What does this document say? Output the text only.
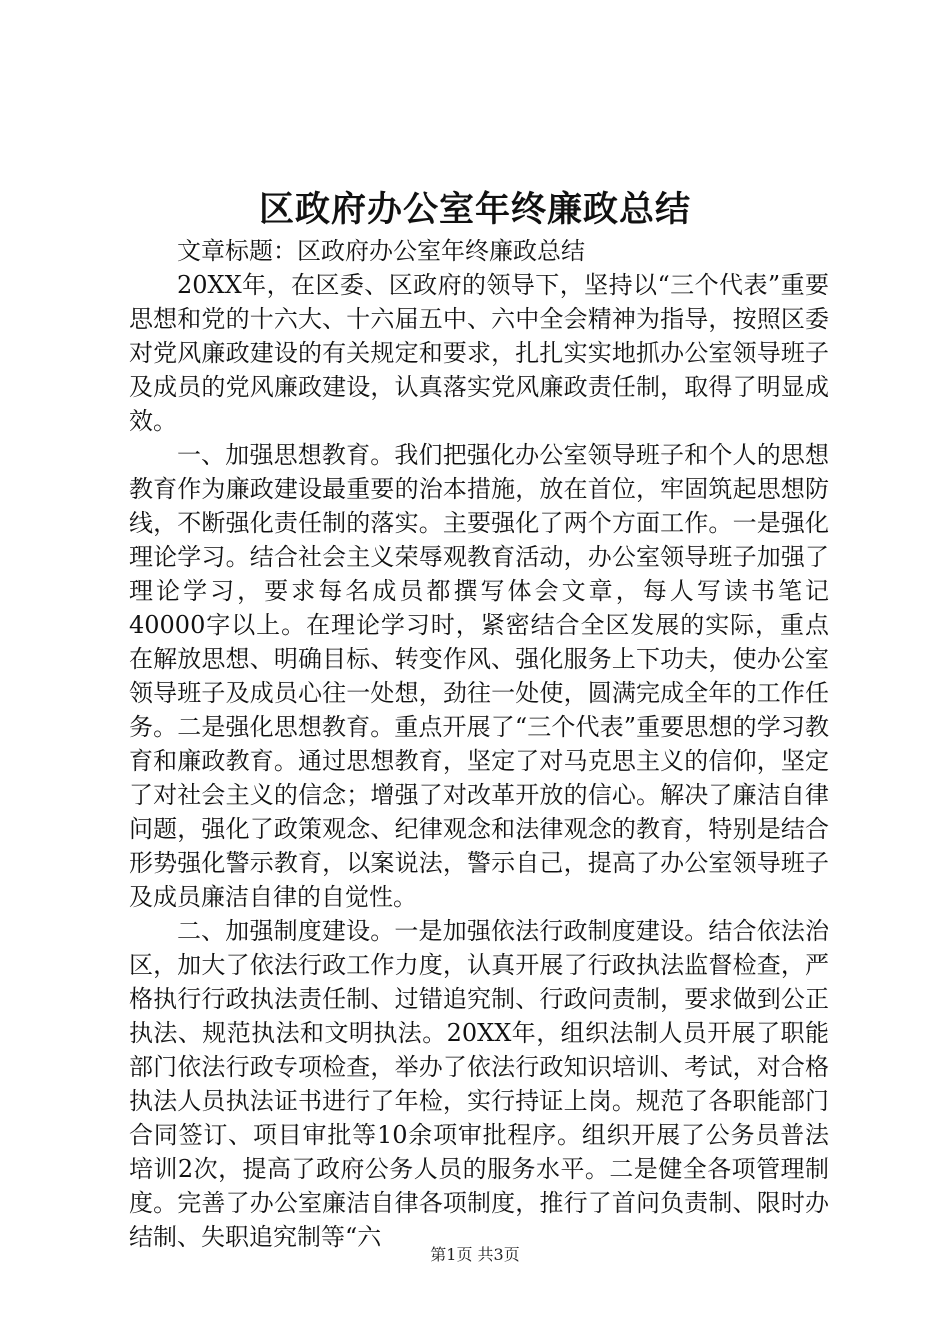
区政府办公室年终廉政总结

文章标题：区政府办公室年终廉政总结

20XX年，在区委、区政府的领导下，坚持以“三个代表”重要思想和党的十六大、十六届五中、六中全会精神为指导，按照区委对党风廉政建设的有关规定和要求，扎扎实实地抓办公室领导班子及成员的党风廉政建设，认真落实党风廉政责任制，取得了明显成效。

一、加强思想教育。我们把强化办公室领导班子和个人的思想教育作为廉政建设最重要的治本措施，放在首位，牢固筑起思想防线，不断强化责任制的落实。主要强化了两个方面工作。一是强化理论学习。结合社会主义荣辱观教育活动，办公室领导班子加强了理论学习，要求每名成员都撰写体会文章，每人写读书笔记40000字以上。在理论学习时，紧密结合全区发展的实际，重点在解放思想、明确目标、转变作风、强化服务上下功夫，使办公室领导班子及成员心往一处想，劲往一处使，圆满完成全年的工作任务。二是强化思想教育。重点开展了“三个代表”重要思想的学习教育和廉政教育。通过思想教育，坚定了对马克思主义的信仰，坚定了对社会主义的信念；增强了对改革开放的信心。解决了廉洁自律问题，强化了政策观念、纪律观念和法律观念的教育，特别是结合形势强化警示教育，以案说法，警示自己，提高了办公室领导班子及成员廉洁自律的自觉性。

二、加强制度建设。一是加强依法行政制度建设。结合依法治区，加大了依法行政工作力度，认真开展了行政执法监督检查，严格执行行政执法责任制、过错追究制、行政问责制，要求做到公正执法、规范执法和文明执法。20XX年，组织法制人员开展了职能部门依法行政专项检查，举办了依法行政知识培训、考试，对合格执法人员执法证书进行了年检，实行持证上岗。规范了各职能部门合同签订、项目审批等10余项审批程序。组织开展了公务员普法培训2次，提高了政府公务人员的服务水平。二是健全各项管理制度。完善了办公室廉洁自律各项制度，推行了首问负责制、限时办结制、失职追究制等“六

第1页 共3页
